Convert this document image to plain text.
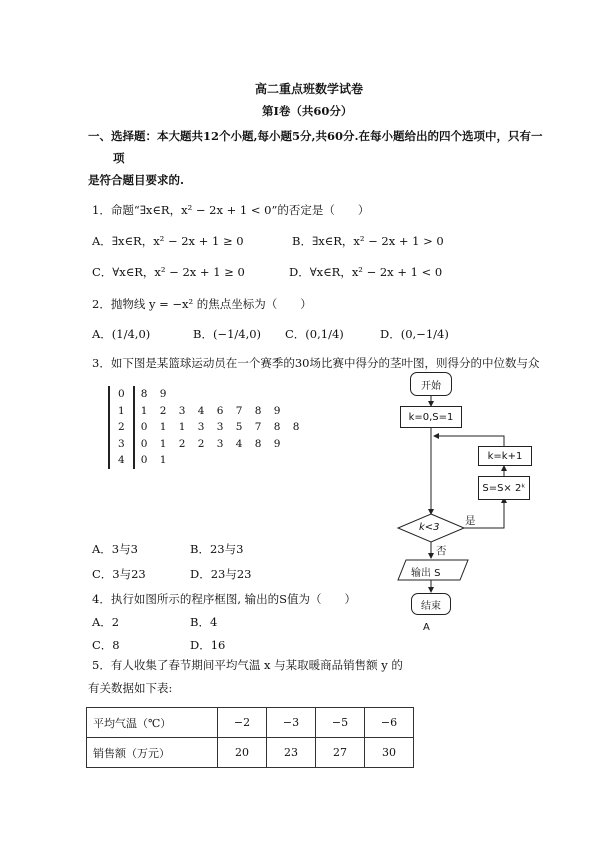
高二重点班数学试卷
第Ⅰ卷（共60分）
一、选择题：本大题共12个小题,每小题5分,共60分.在每小题给出的四个选项中，只有一
项
是符合题目要求的.
1．命题“∃x∈R，x² − 2x + 1 < 0”的否定是（　　）
A．∃x∈R，x² − 2x + 1 ≥ 0	B．∃x∈R，x² − 2x + 1 > 0
C．∀x∈R，x² − 2x + 1 ≥ 0	D．∀x∈R，x² − 2x + 1 < 0
2．抛物线 y = −x² 的焦点坐标为（　　）
A．(1/4,0)	B．(−1/4,0) C．(0,1/4)	D．(0,−1/4)
3．如下图是某篮球运动员在一个赛季的30场比赛中得分的茎叶图，则得分的中位数与众
0	8 9
1	1 2 3 4 6 7 8 9
2	0 1 1 3 3 5 7 8 8
3	0 1 2 2 3 4 8 9
4	0 1
A．3与3	B．23与3
C．3与23	D．23与23
4．执行如图所示的程序框图, 输出的S值为（　　）
A．2	B．4
C．8	D．16
开始
k=0,S=1
k=k+1
S=S× 2ᵏ
k<3
是
否
输出 S
结束
A
5．有人收集了春节期间平均气温 x 与某取暖商品销售额 y 的
有关数据如下表:
平均气温（℃）	−2	−3	−5	−6
销售额（万元）	20	23	27	30
